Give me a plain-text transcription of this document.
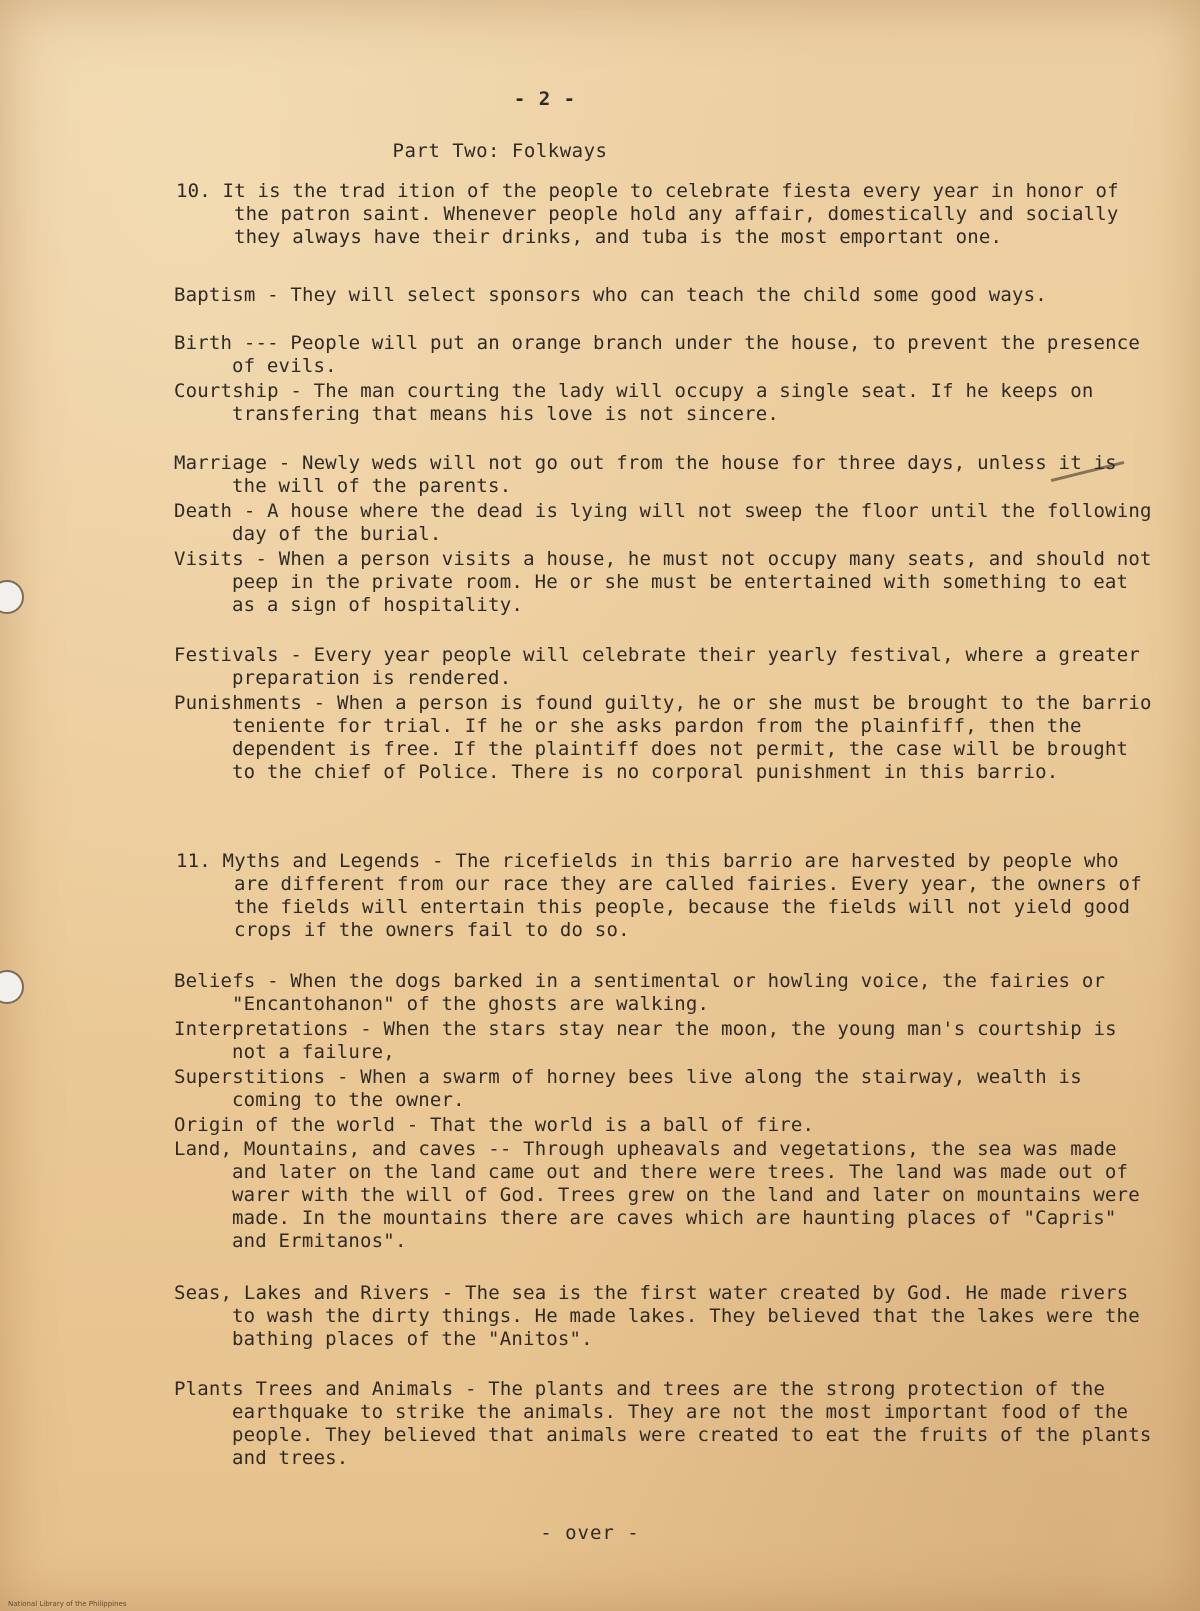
- 2 -
Part Two: Folkways

10. It is the trad ition of the people to celebrate fiesta every year in honor of the patron saint. Whenever people hold any affair, domestically and socially they always have their drinks, and tuba is the most emportant one.

Baptism - They will select sponsors who can teach the child some good ways.

Birth --- People will put an orange branch under the house, to prevent the presence of evils.

Courtship - The man courting the lady will occupy a single seat. If he keeps on transfering that means his love is not sincere.

Marriage - Newly weds will not go out from the house for three days, unless it is the will of the parents.

Death - A house where the dead is lying will not sweep the floor until the following day of the burial.

Visits - When a person visits a house, he must not occupy many seats, and should not peep in the private room. He or she must be entertained with something to eat as a sign of hospitality.

Festivals - Every year people will celebrate their yearly festival, where a greater preparation is rendered.

Punishments - When a person is found guilty, he or she must be brought to the barrio teniente for trial. If he or she asks pardon from the plainfiff, then the dependent is free. If the plaintiff does not permit, the case will be brought to the chief of Police. There is no corporal punishment in this barrio.

11. Myths and Legends - The ricefields in this barrio are harvested by people who are different from our race they are called fairies. Every year, the owners of the fields will entertain this people, because the fields will not yield good crops if the owners fail to do so.

Beliefs - When the dogs barked in a sentimental or howling voice, the fairies or "Encantohanon" of the ghosts are walking.

Interpretations - When the stars stay near the moon, the young man's courtship is not a failure,

Superstitions - When a swarm of horney bees live along the stairway, wealth is coming to the owner.

Origin of the world - That the world is a ball of fire.

Land, Mountains, and caves -- Through upheavals and vegetations, the sea was made and later on the land came out and there were trees. The land was made out of warer with the will of God. Trees grew on the land and later on mountains were made. In the mountains there are caves which are haunting places of "Capris" and Ermitanos".

Seas, Lakes and Rivers - The sea is the first water created by God. He made rivers to wash the dirty things. He made lakes. They believed that the lakes were the bathing places of the "Anitos".

Plants Trees and Animals - The plants and trees are the strong protection of the earthquake to strike the animals. They are not the most important food of the people. They believed that animals were created to eat the fruits of the plants and trees.

- over -
National Library of the Philippines
